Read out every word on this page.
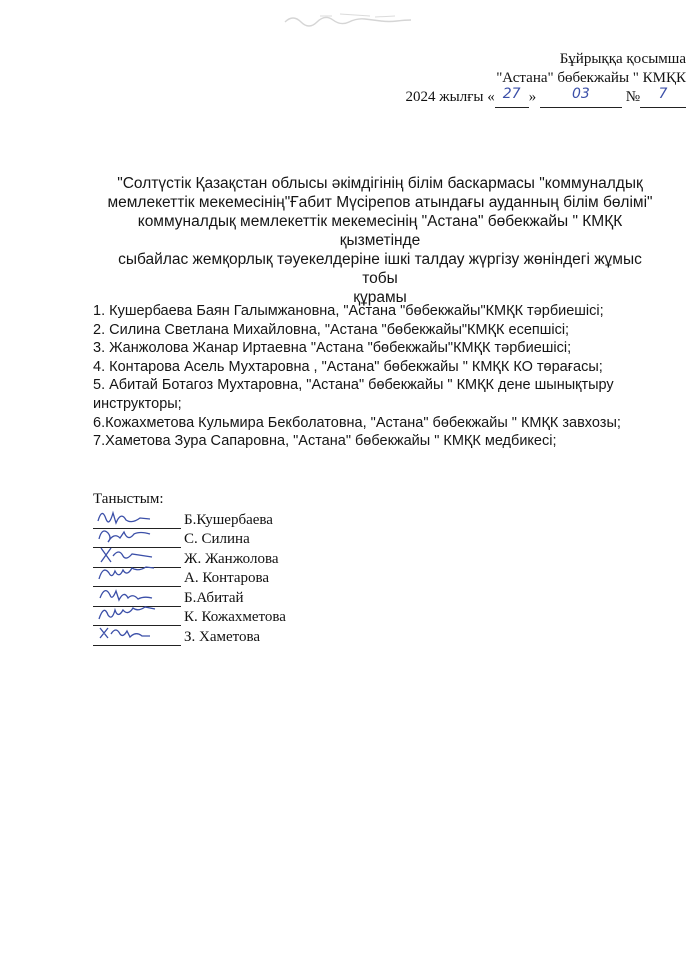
Бұйрыққа қосымша
"Астана" бөбекжайы " КМҚК
2024 жылғы « 27 »	03 № 7
"Солтүстік Қазақстан облысы әкімдігінің білім баскармасы "коммуналдық
мемлекеттік мекемесінің"Ғабит Мүсірепов атындағы ауданның білім бөлімі"
коммуналдық мемлекеттік мекемесінің "Астана" бөбекжайы " КМҚК қызметінде
сыбайлас жемқорлық тәуекелдеріне ішкі талдау жүргізу жөніндегі жұмыс тобы
құрамы
1. Кушербаева Баян Галымжановна, "Астана "бөбекжайы"КМҚК тәрбиешісі;
2. Силина Светлана Михайловна, "Астана "бөбекжайы"КМҚК есепшісі;
3. Жанжолова Жанар Иртаевна "Астана "бөбекжайы"КМҚК тәрбиешісі;
4. Контарова Асель Мухтаровна , "Астана" бөбекжайы " КМҚК КО төрағасы;
5. Абитай Ботагоз Мухтаровна, "Астана" бөбекжайы " КМҚК дене шынықтыру
инструкторы;
6.Кожахметова Кульмира Бекболатовна, "Астана" бөбекжайы " КМҚК завхозы;
7.Хаметова Зура Сапаровна, "Астана" бөбекжайы " КМҚК медбикесі;
Таныстым:
Б.Кушербаева
С. Силина
Ж. Жанжолова
А. Контарова
Б.Абитай
К. Кожахметова
З. Хаметова
